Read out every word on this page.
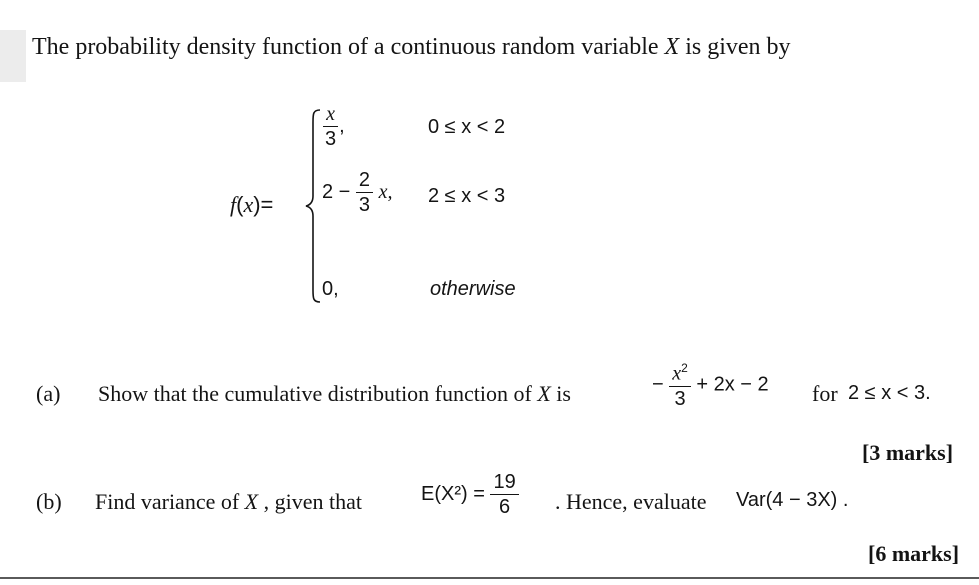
The probability density function of a continuous random variable X is given by
f(x)=
$\frac{x}{3}$ ,	0 ≤ x < 2
$2 - \frac{2}{3} x$, 2 ≤ x < 3
0,	otherwise
(a) Show that the cumulative distribution function of X is	− $\frac{x^2}{3} + 2x - 2$ for 2 ≤ x < 3.
[3 marks]
(b) Find variance of X , given that	$E(X^2) = \frac{19}{6}$ . Hence, evaluate Var(4 − 3X) .
[6 marks]
